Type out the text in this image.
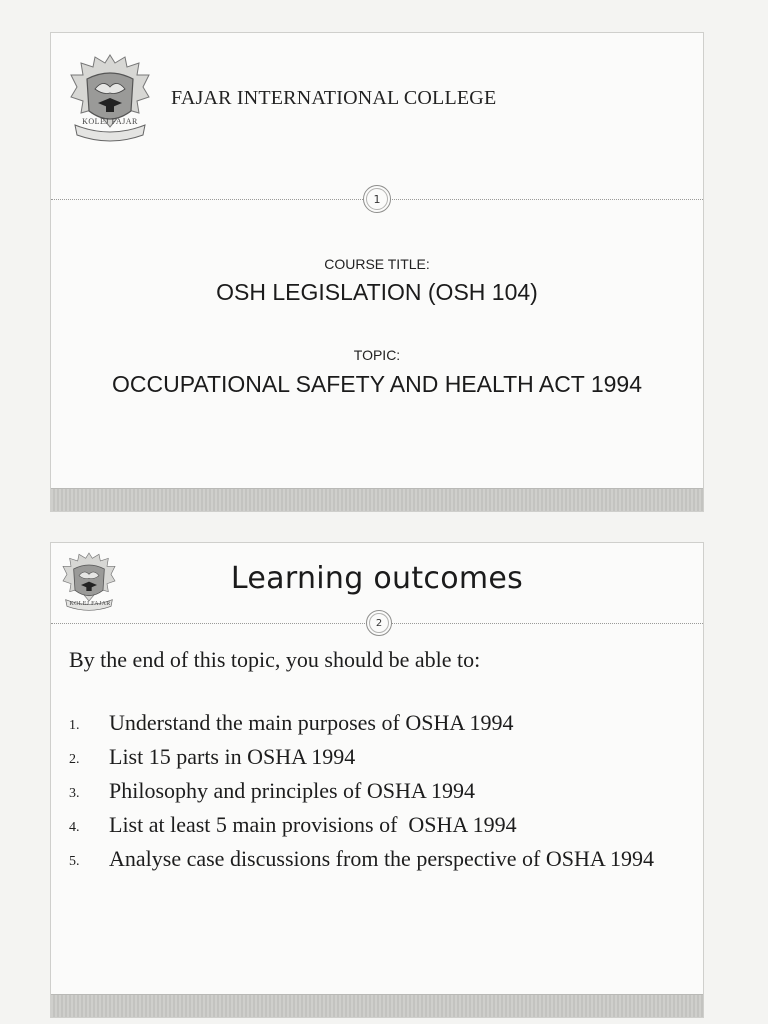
KOLEJ FAJAR
FAJAR INTERNATIONAL COLLEGE
1
COURSE TITLE:
OSH LEGISLATION (OSH 104)
TOPIC:
OCCUPATIONAL SAFETY AND HEALTH ACT 1994
KOLEJ FAJAR
Learning outcomes
2
By the end of this topic, you should be able to:
1.	Understand the main purposes of OSHA 1994
2.	List 15 parts in OSHA 1994
3.	Philosophy and principles of OSHA 1994
4.	List at least 5 main provisions of  OSHA 1994
5.	Analyse case discussions from the perspective of OSHA 1994
